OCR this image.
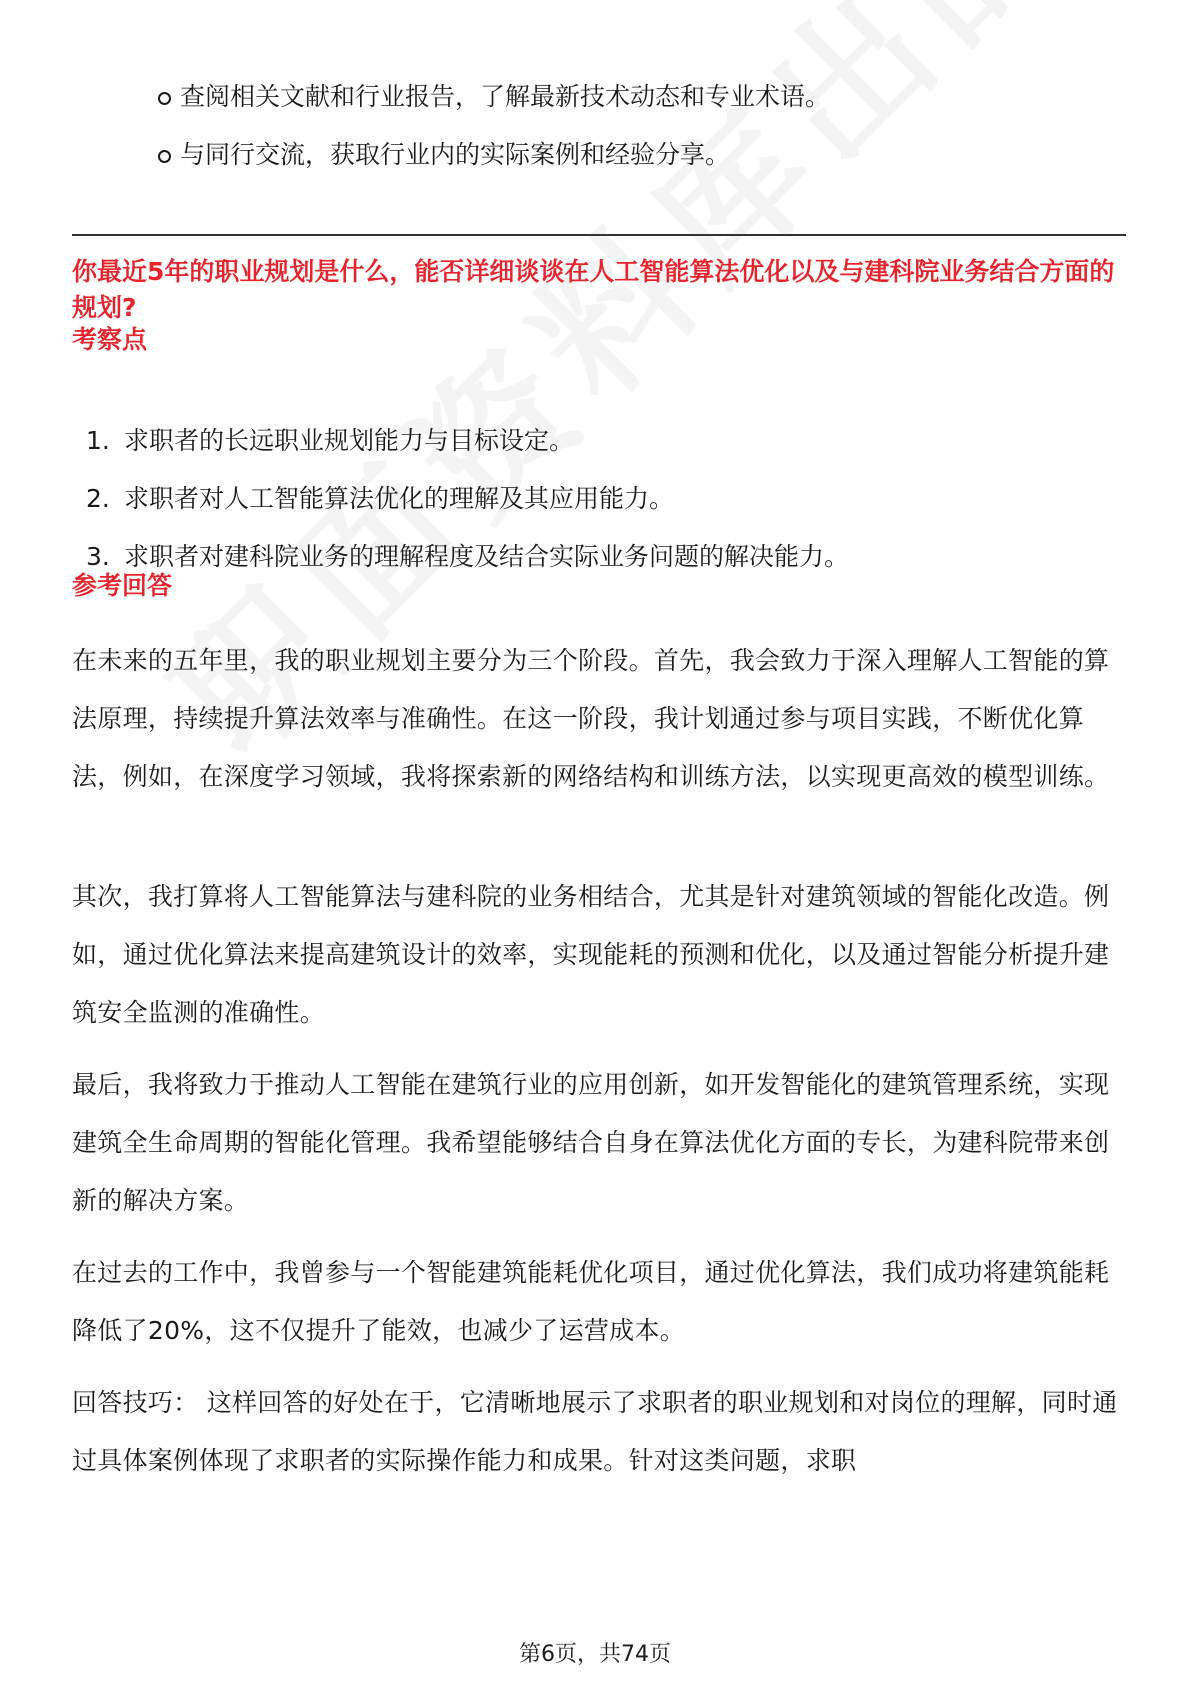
查阅相关文献和行业报告，了解最新技术动态和专业术语。
与同行交流，获取行业内的实际案例和经验分享。
你最近5年的职业规划是什么，能否详细谈谈在人工智能算法优化以及与建科院业务结合方面的规划?
考察点
1. 求职者的长远职业规划能力与目标设定。
2. 求职者对人工智能算法优化的理解及其应用能力。
3. 求职者对建科院业务的理解程度及结合实际业务问题的解决能力。
参考回答
在未来的五年里，我的职业规划主要分为三个阶段。首先，我会致力于深入理解人工智能的算法原理，持续提升算法效率与准确性。在这一阶段，我计划通过参与项目实践，不断优化算法，例如，在深度学习领域，我将探索新的网络结构和训练方法，以实现更高效的模型训练。
其次，我打算将人工智能算法与建科院的业务相结合，尤其是针对建筑领域的智能化改造。例如，通过优化算法来提高建筑设计的效率，实现能耗的预测和优化，以及通过智能分析提升建筑安全监测的准确性。
最后，我将致力于推动人工智能在建筑行业的应用创新，如开发智能化的建筑管理系统，实现建筑全生命周期的智能化管理。我希望能够结合自身在算法优化方面的专长，为建科院带来创新的解决方案。
在过去的工作中，我曾参与一个智能建筑能耗优化项目，通过优化算法，我们成功将建筑能耗降低了20%，这不仅提升了能效，也减少了运营成本。
回答技巧： 这样回答的好处在于，它清晰地展示了求职者的职业规划和对岗位的理解，同时通过具体案例体现了求职者的实际操作能力和成果。针对这类问题，求职
第6页，共74页
